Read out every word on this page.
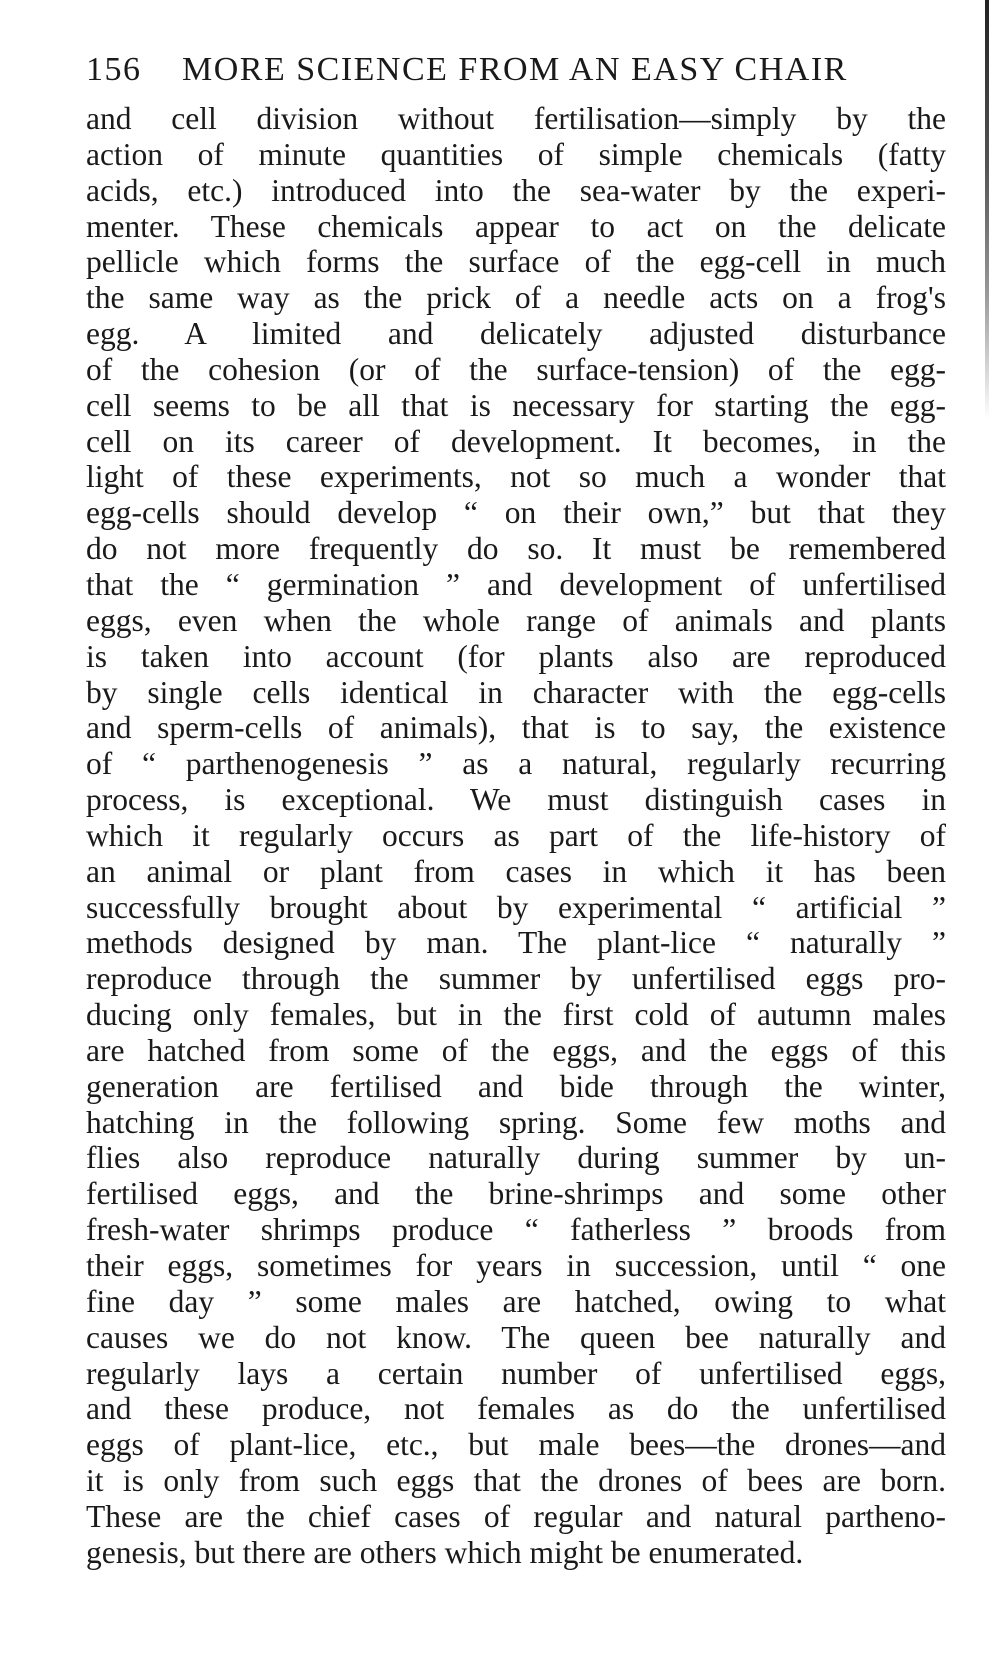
156 MORE SCIENCE FROM AN EASY CHAIR
and cell division without fertilisation—simply by the
action of minute quantities of simple chemicals (fatty
acids, etc.) introduced into the sea-water by the experi-
menter. These chemicals appear to act on the delicate
pellicle which forms the surface of the egg-cell in much
the same way as the prick of a needle acts on a frog's
egg. A limited and delicately adjusted disturbance
of the cohesion (or of the surface-tension) of the egg-
cell seems to be all that is necessary for starting the egg-
cell on its career of development. It becomes, in the
light of these experiments, not so much a wonder that
egg-cells should develop “ on their own,” but that they
do not more frequently do so. It must be remembered
that the “ germination ” and development of unfertilised
eggs, even when the whole range of animals and plants
is taken into account (for plants also are reproduced
by single cells identical in character with the egg-cells
and sperm-cells of animals), that is to say, the existence
of “ parthenogenesis ” as a natural, regularly recurring
process, is exceptional. We must distinguish cases in
which it regularly occurs as part of the life-history of
an animal or plant from cases in which it has been
successfully brought about by experimental “ artificial ”
methods designed by man. The plant-lice “ naturally ”
reproduce through the summer by unfertilised eggs pro-
ducing only females, but in the first cold of autumn males
are hatched from some of the eggs, and the eggs of this
generation are fertilised and bide through the winter,
hatching in the following spring. Some few moths and
flies also reproduce naturally during summer by un-
fertilised eggs, and the brine-shrimps and some other
fresh-water shrimps produce “ fatherless ” broods from
their eggs, sometimes for years in succession, until “ one
fine day ” some males are hatched, owing to what
causes we do not know. The queen bee naturally and
regularly lays a certain number of unfertilised eggs,
and these produce, not females as do the unfertilised
eggs of plant-lice, etc., but male bees—the drones—and
it is only from such eggs that the drones of bees are born.
These are the chief cases of regular and natural partheno-
genesis, but there are others which might be enumerated.
